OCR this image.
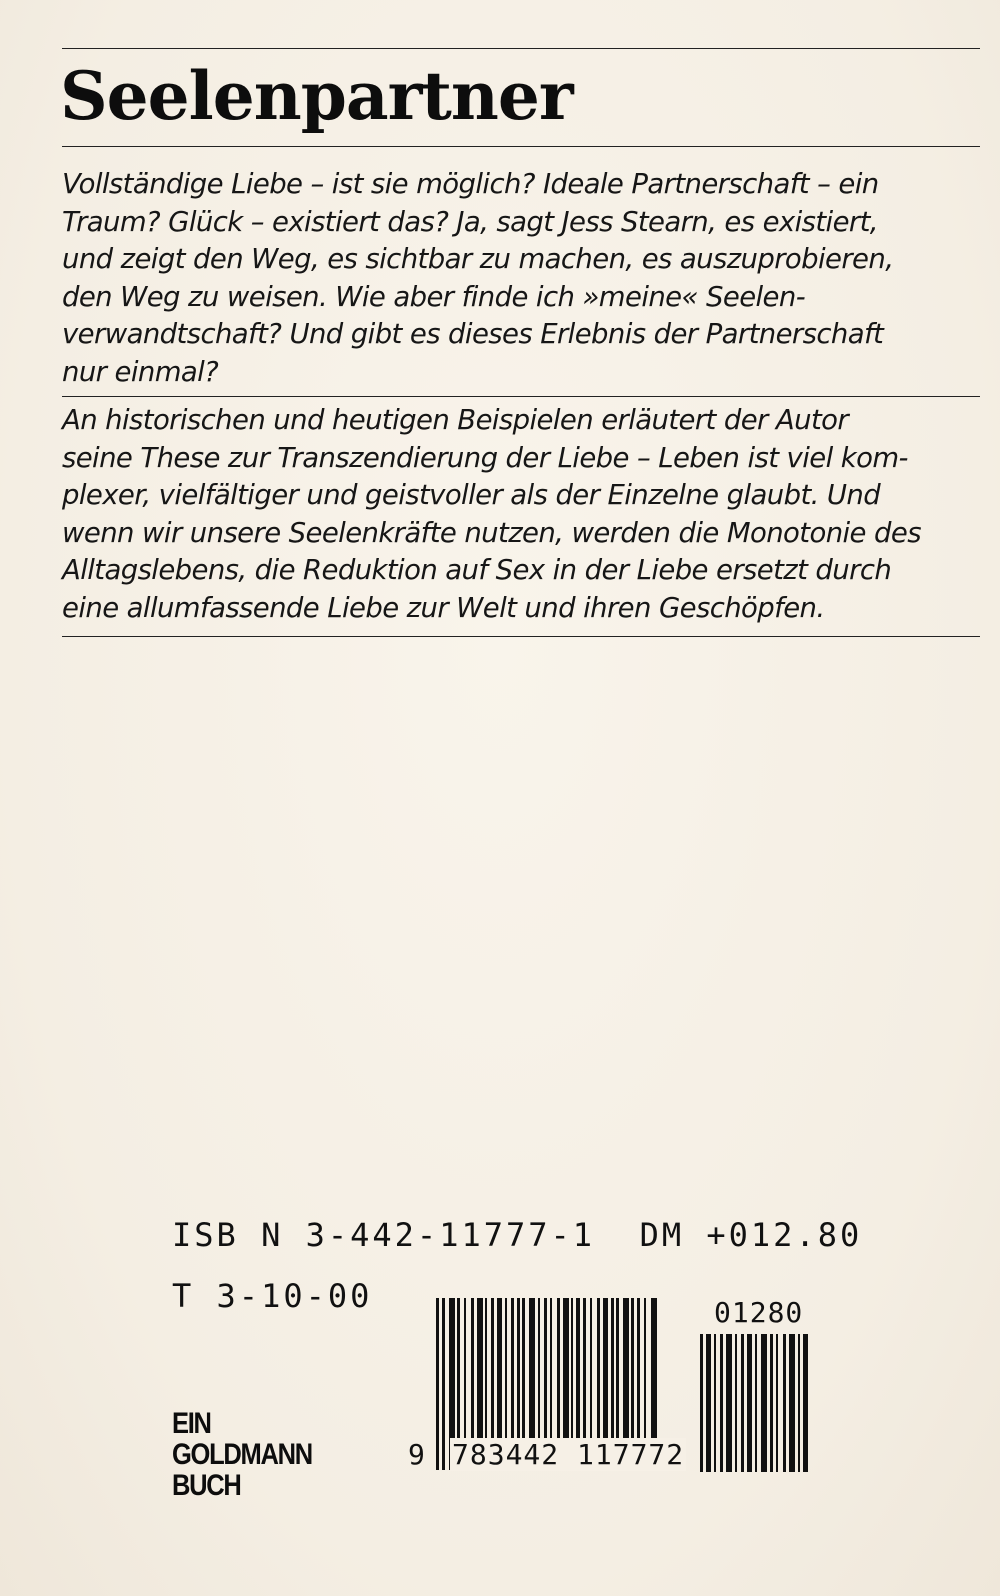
Seelenpartner
Vollständige Liebe – ist sie möglich? Ideale Partnerschaft – ein
Traum? Glück – existiert das? Ja, sagt Jess Stearn, es existiert,
und zeigt den Weg, es sichtbar zu machen, es auszuprobieren,
den Weg zu weisen. Wie aber finde ich »meine« Seelen-
verwandtschaft? Und gibt es dieses Erlebnis der Partnerschaft
nur einmal?
An historischen und heutigen Beispielen erläutert der Autor
seine These zur Transzendierung der Liebe – Leben ist viel kom-
plexer, vielfältiger und geistvoller als der Einzelne glaubt. Und
wenn wir unsere Seelenkräfte nutzen, werden die Monotonie des
Alltagslebens, die Reduktion auf Sex in der Liebe ersetzt durch
eine allumfassende Liebe zur Welt und ihren Geschöpfen.
ISB N 3-442-11777-1  DM +012.80
T 3-10-00
EIN
GOLDMANN
BUCH
9 783442 117772
01280
